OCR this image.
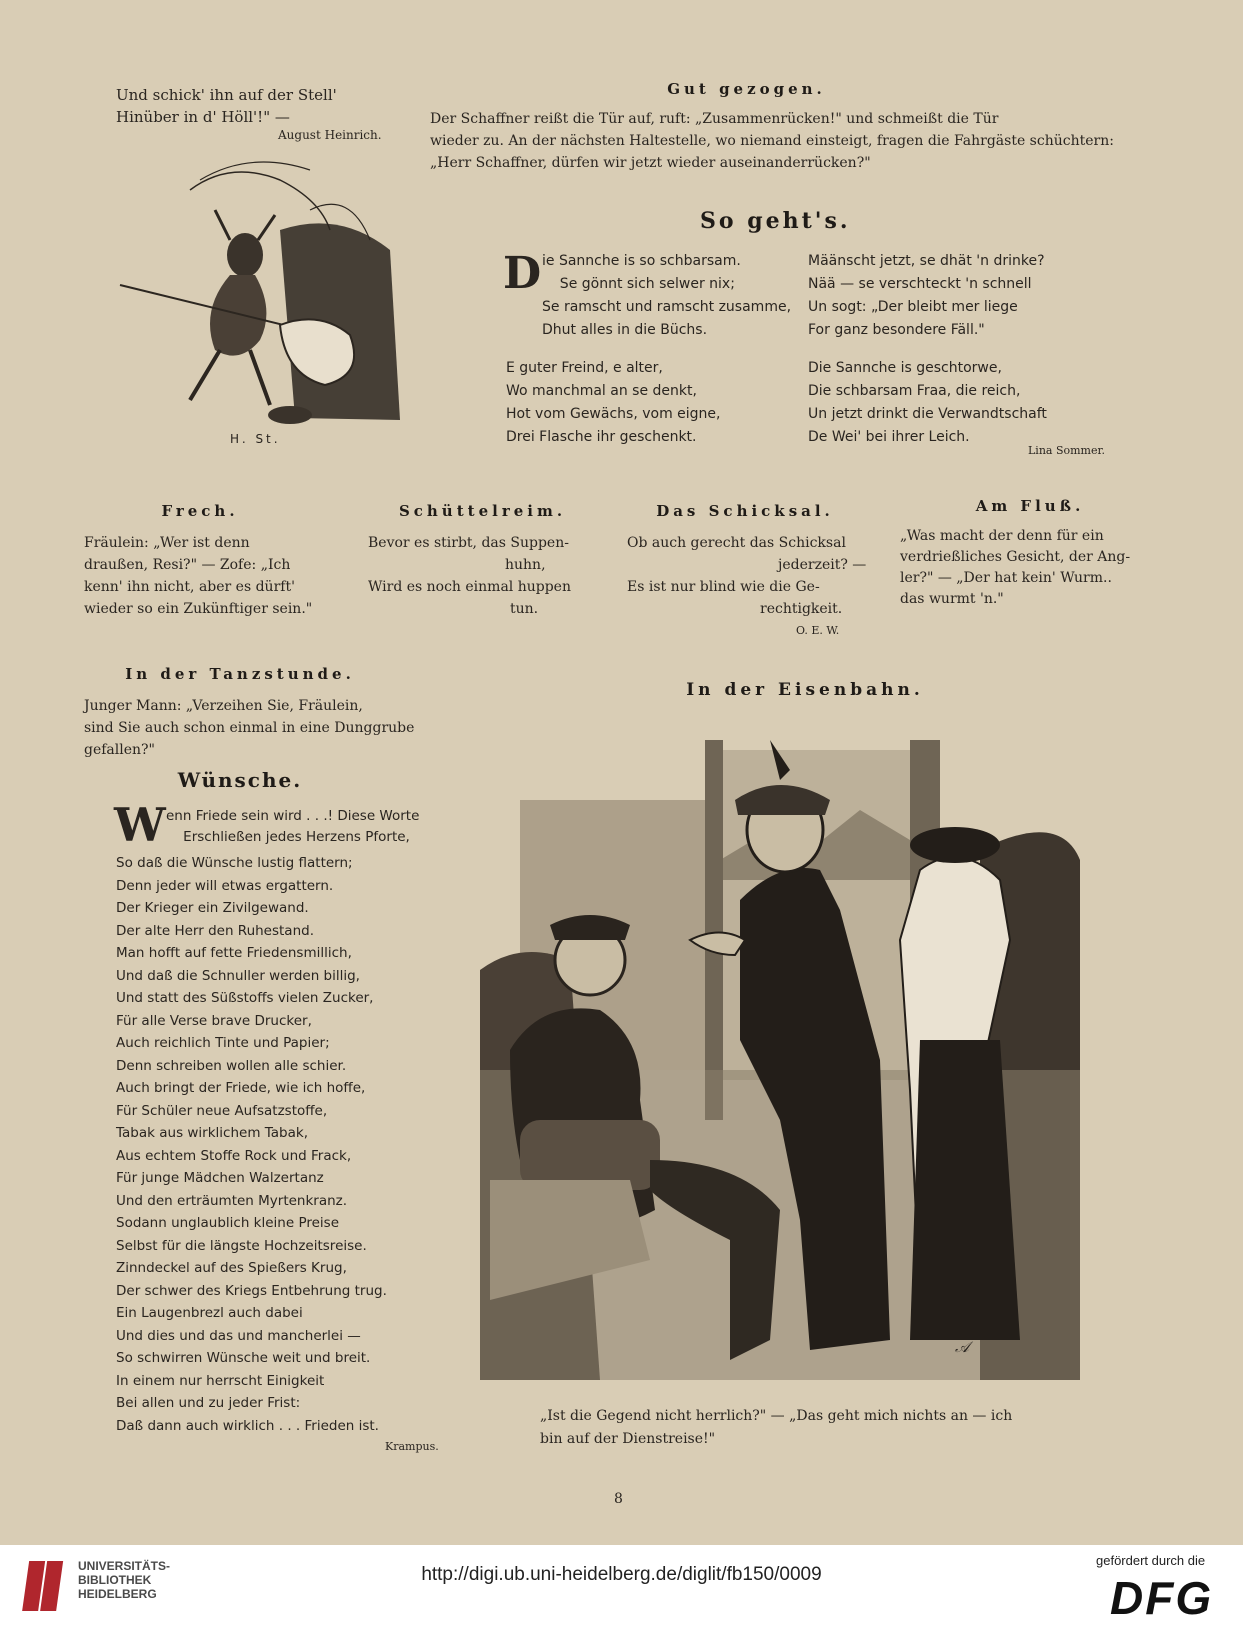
Und schick' ihn auf der Stell'
Hinüber in d' Höll'!" —
August Heinrich.
H. St.
Gut gezogen.
Der Schaffner reißt die Tür auf, ruft: „Zusammenrücken!" und schmeißt die Tür
wieder zu. An der nächsten Haltestelle, wo niemand einsteigt, fragen die Fahrgäste schüchtern:
„Herr Schaffner, dürfen wir jetzt wieder auseinanderrücken?"
So geht's.
D ie Sannche is so schbarsam.
Se gönnt sich selwer nix;
Se ramscht und ramscht zusamme,
Dhut alles in die Büchs.
E guter Freind, e alter,
Wo manchmal an se denkt,
Hot vom Gewächs, vom eigne,
Drei Flasche ihr geschenkt.
Määnscht jetzt, se dhät 'n drinke?
Nää — se verschteckt 'n schnell
Un sogt: „Der bleibt mer liege
For ganz besondere Fäll."
Die Sannche is geschtorwe,
Die schbarsam Fraa, die reich,
Un jetzt drinkt die Verwandtschaft
De Wei' bei ihrer Leich.
Lina Sommer.
Frech.
Fräulein: „Wer ist denn
draußen, Resi?" — Zofe: „Ich
kenn' ihn nicht, aber es dürft'
wieder so ein Zukünftiger sein."
Schüttelreim.
Bevor es stirbt, das Suppen-
huhn,
Wird es noch einmal huppen
tun.
Das Schicksal.
Ob auch gerecht das Schicksal
jederzeit? —
Es ist nur blind wie die Ge-
rechtigkeit.
O. E. W.
Am Fluß.
„Was macht der denn für ein
verdrießliches Gesicht, der Ang-
ler?" — „Der hat kein' Wurm..
das wurmt 'n."
In der Tanzstunde.
Junger Mann: „Verzeihen Sie, Fräulein,
sind Sie auch schon einmal in eine Dunggrube
gefallen?"
Wünsche.
W enn Friede sein wird . . .! Diese Worte
Erschließen jedes Herzens Pforte,
So daß die Wünsche lustig flattern;
Denn jeder will etwas ergattern.
Der Krieger ein Zivilgewand.
Der alte Herr den Ruhestand.
Man hofft auf fette Friedensmillich,
Und daß die Schnuller werden billig,
Und statt des Süßstoffs vielen Zucker,
Für alle Verse brave Drucker,
Auch reichlich Tinte und Papier;
Denn schreiben wollen alle schier.
Auch bringt der Friede, wie ich hoffe,
Für Schüler neue Aufsatzstoffe,
Tabak aus wirklichem Tabak,
Aus echtem Stoffe Rock und Frack,
Für junge Mädchen Walzertanz
Und den erträumten Myrtenkranz.
Sodann unglaublich kleine Preise
Selbst für die längste Hochzeitsreise.
Zinndeckel auf des Spießers Krug,
Der schwer des Kriegs Entbehrung trug.
Ein Laugenbrezl auch dabei
Und dies und das und mancherlei —
So schwirren Wünsche weit und breit.
In einem nur herrscht Einigkeit
Bei allen und zu jeder Frist:
Daß dann auch wirklich . . . Frieden ist.
Krampus.
In der Eisenbahn.
𝒜
„Ist die Gegend nicht herrlich?" — „Das geht mich nichts an — ich
bin auf der Dienstreise!"
8
UNIVERSITÄTS-
BIBLIOTHEK
HEIDELBERG
http://digi.ub.uni-heidelberg.de/diglit/fb150/0009
gefördert durch die
DFG
